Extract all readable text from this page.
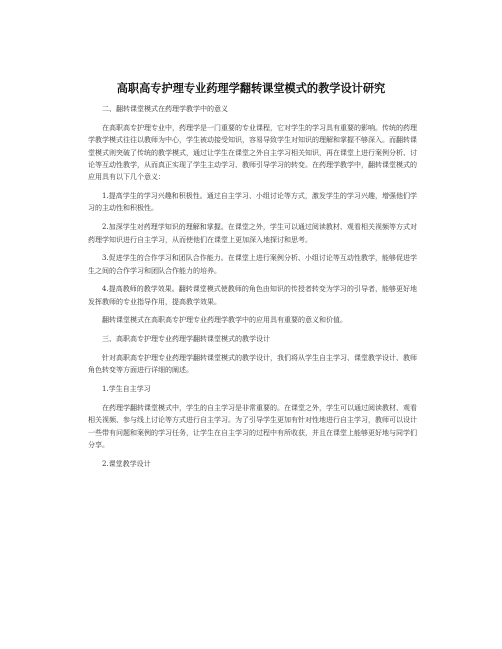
高职高专护理专业药理学翻转课堂模式的教学设计研究

二、翻转课堂模式在药理学教学中的意义

在高职高专护理专业中，药理学是一门重要的专业课程，它对学生的学习具有重要的影响。传统的药理学教学模式往往以教师为中心，学生被动接受知识，容易导致学生对知识的理解和掌握不够深入。而翻转课堂模式则突破了传统的教学模式，通过让学生在课堂之外自主学习相关知识，再在课堂上进行案例分析、讨论等互动性教学，从而真正实现了学生主动学习、教师引导学习的转变。在药理学教学中，翻转课堂模式的应用具有以下几个意义：

1.提高学生的学习兴趣和积极性。通过自主学习、小组讨论等方式，激发学生的学习兴趣，增强他们学习的主动性和积极性。

2.加深学生对药理学知识的理解和掌握。在课堂之外，学生可以通过阅读教材、观看相关视频等方式对药理学知识进行自主学习，从而使他们在课堂上更加深入地探讨和思考。

3.促进学生的合作学习和团队合作能力。在课堂上进行案例分析、小组讨论等互动性教学，能够促进学生之间的合作学习和团队合作能力的培养。

4.提高教师的教学效果。翻转课堂模式使教师的角色由知识的传授者转变为学习的引导者，能够更好地发挥教师的专业指导作用，提高教学效果。

翻转课堂模式在高职高专护理专业药理学教学中的应用具有重要的意义和价值。

三、高职高专护理专业药理学翻转课堂模式的教学设计

针对高职高专护理专业药理学翻转课堂模式的教学设计，我们将从学生自主学习、课堂教学设计、教师角色转变等方面进行详细的阐述。

1.学生自主学习

在药理学翻转课堂模式中，学生的自主学习是非常重要的。在课堂之外，学生可以通过阅读教材、观看相关视频、参与线上讨论等方式进行自主学习。为了引导学生更加有针对性地进行自主学习，教师可以设计一些带有问题和案例的学习任务，让学生在自主学习的过程中有所收获，并且在课堂上能够更好地与同学们分享。

2.课堂教学设计
